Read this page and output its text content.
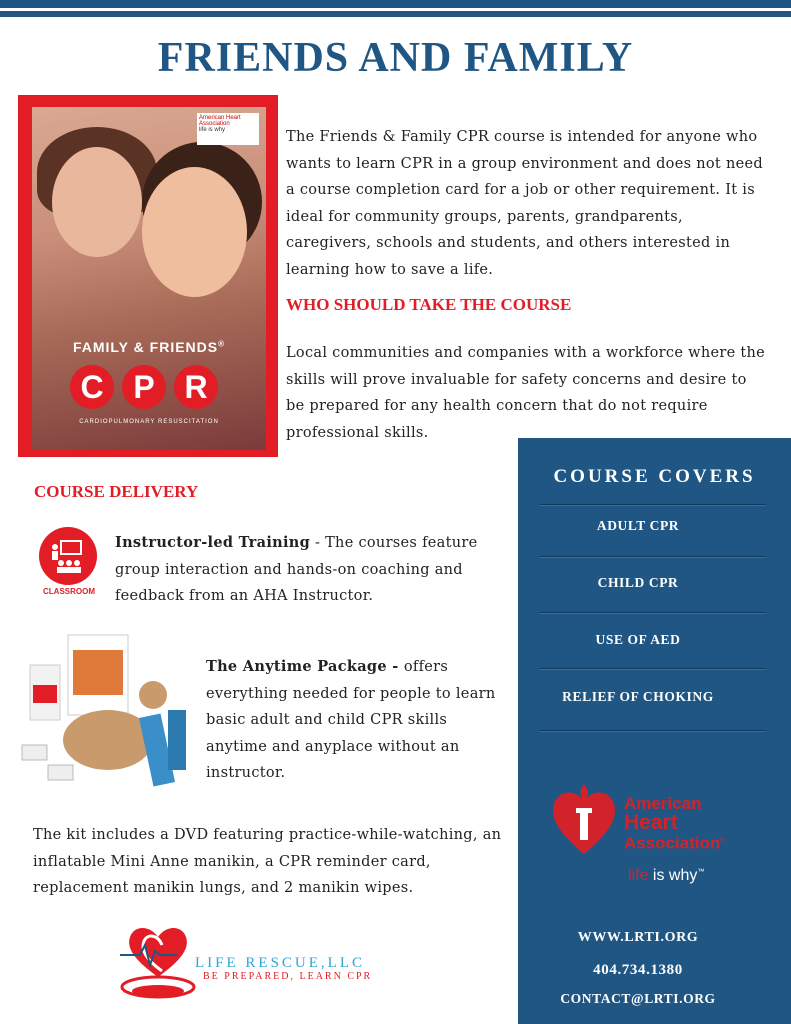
FRIENDS AND FAMILY
American Heart Association
life is why
FAMILY & FRIENDS®
C P R
CARDIOPULMONARY RESUSCITATION
The Friends & Family CPR course is intended for anyone who wants to learn CPR in a group environment and does not need a course completion card for a job or other requirement. It is ideal for community groups, parents, grandparents, caregivers, schools and students, and others interested in learning how to save a life.
WHO SHOULD TAKE THE COURSE
Local communities and companies with a workforce where the skills will prove invaluable for safety concerns and desire to be prepared for any health concern that do not require professional skills.
COURSE DELIVERY
CLASSROOM
Instructor-led Training - The courses feature group interaction and hands-on coaching and feedback from an AHA Instructor.
The Anytime Package - offers everything needed for people to learn basic adult and child CPR skills anytime and anyplace without an instructor.
The kit includes a DVD featuring practice-while-watching, an inflatable Mini Anne manikin, a CPR reminder card, replacement manikin lungs, and 2 manikin wipes.
COURSE COVERS
ADULT CPR
CHILD CPR
USE OF AED
RELIEF OF CHOKING
American
Heart
Association®
life is why™
WWW.LRTI.ORG
404.734.1380
CONTACT@LRTI.ORG
LIFE RESCUE,LLC
BE PREPARED, LEARN CPR
